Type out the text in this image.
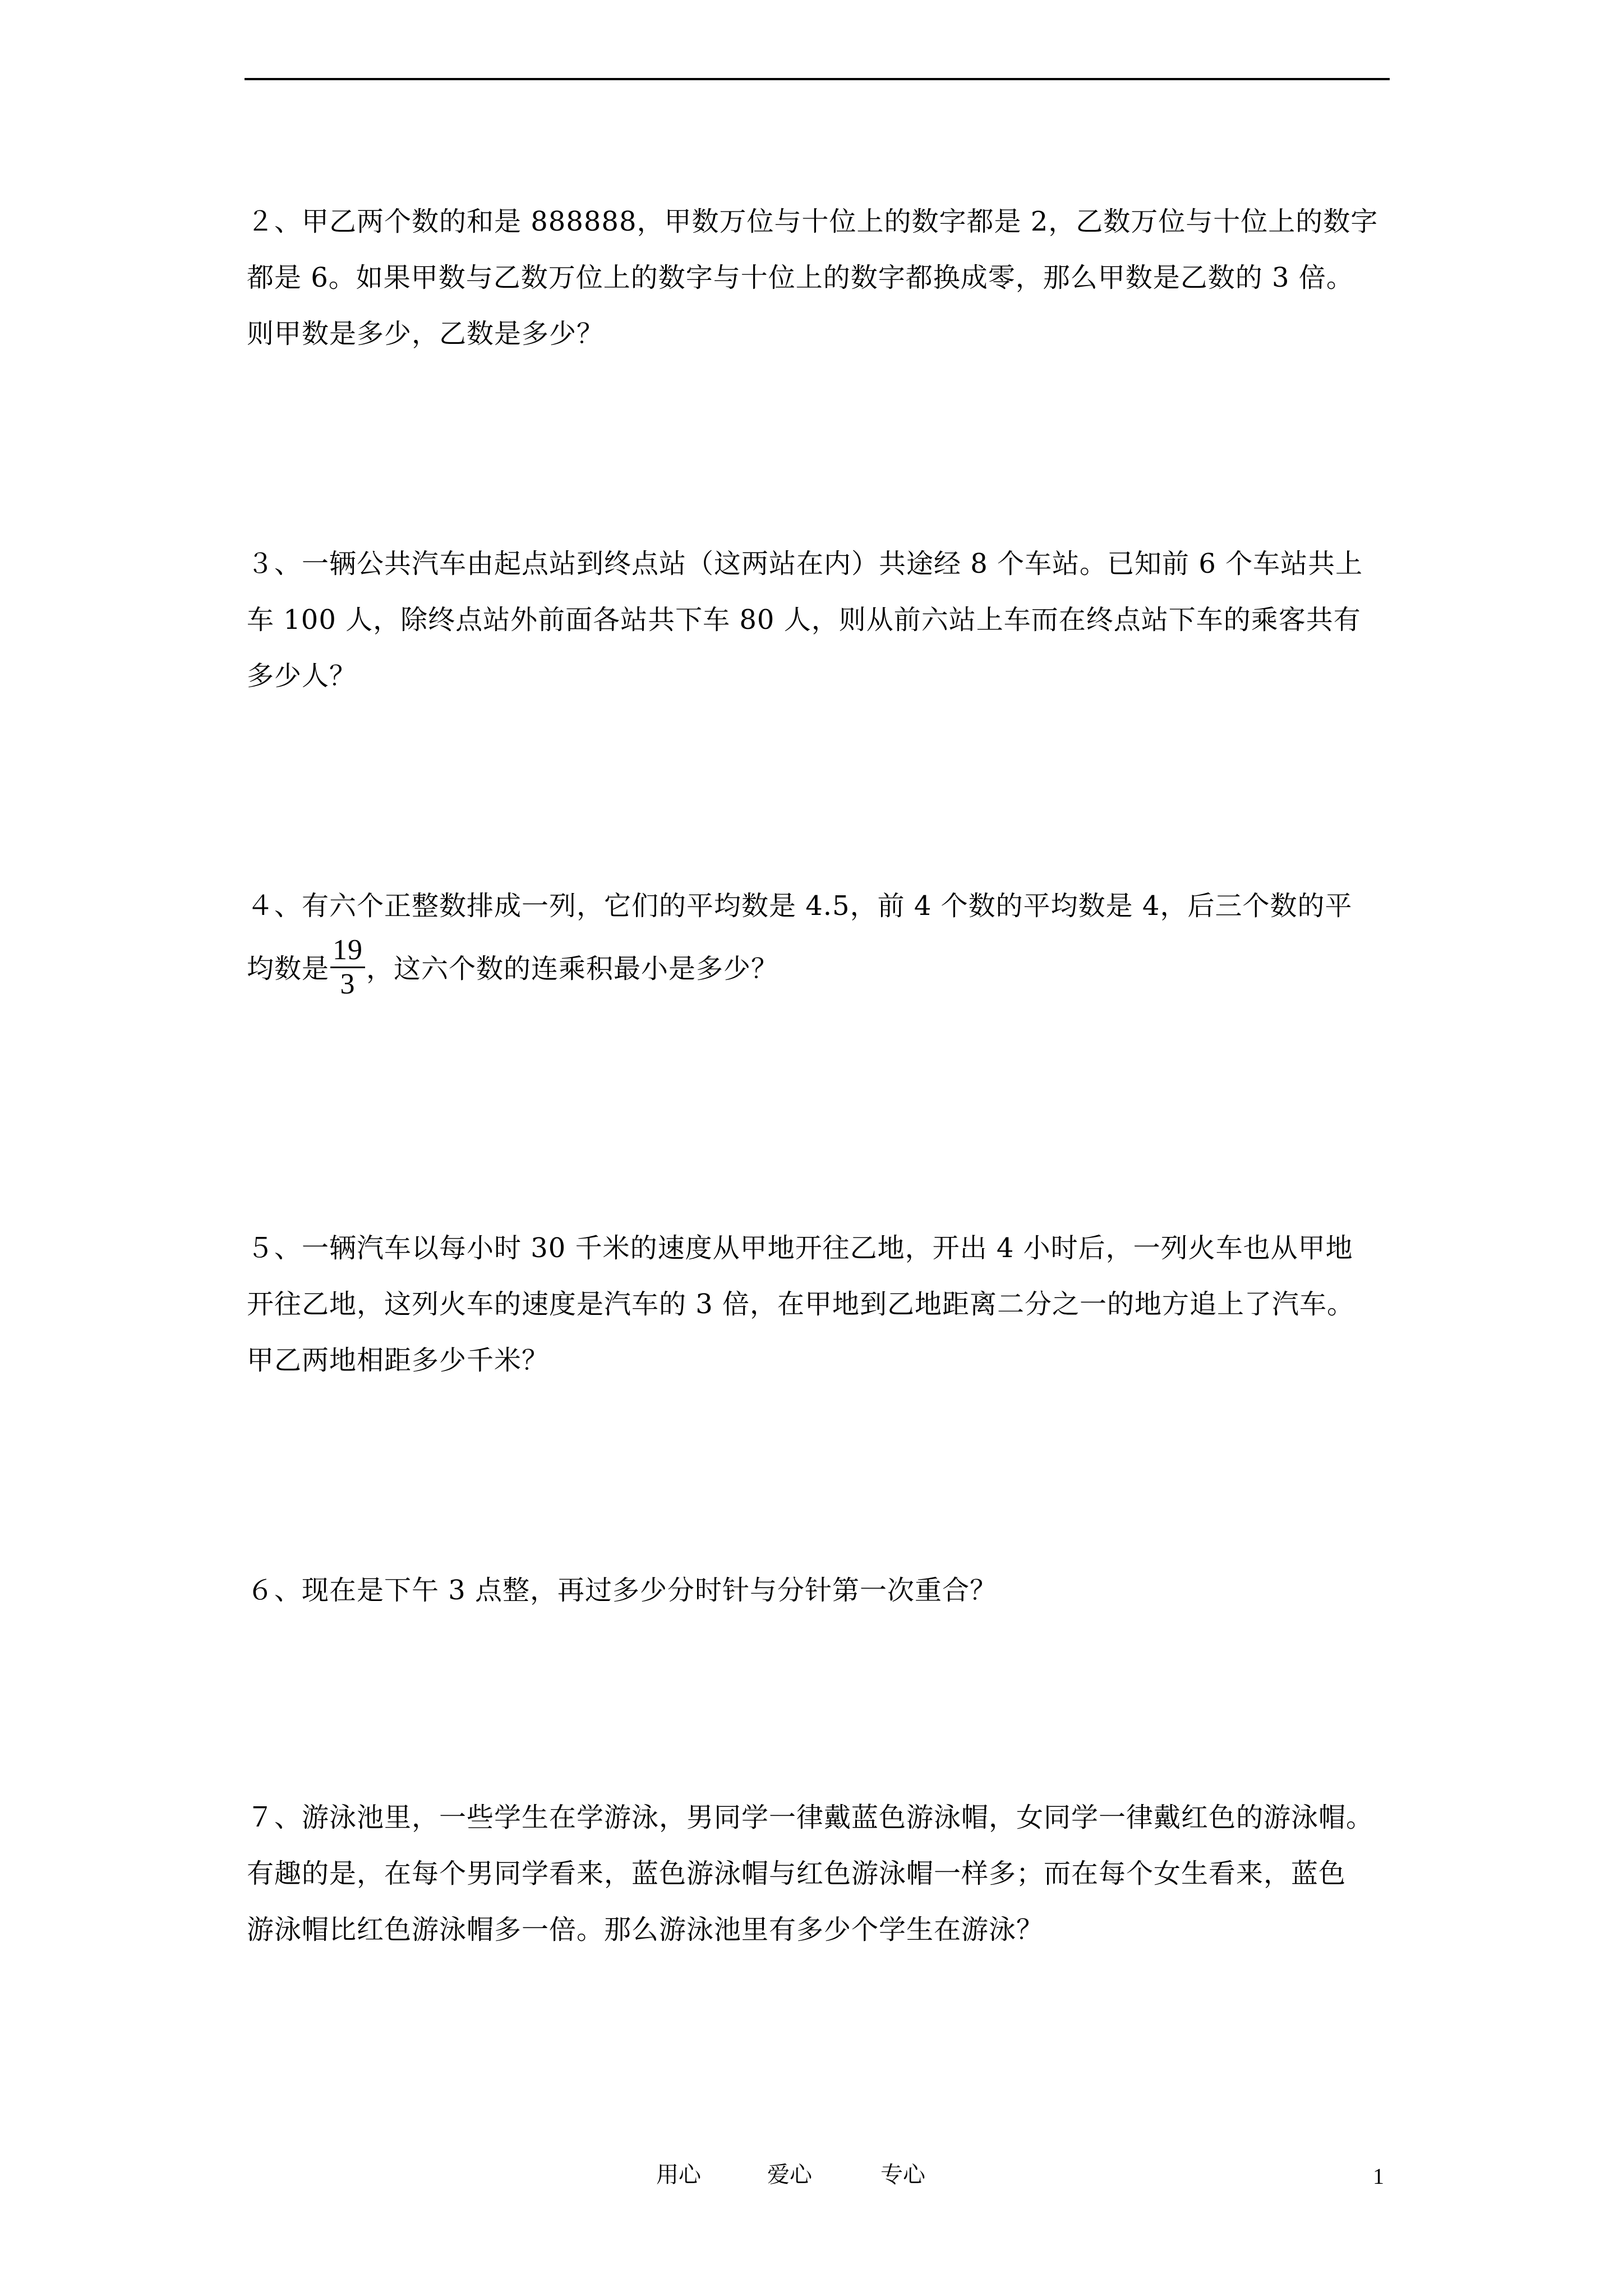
２、甲乙两个数的和是 888888，甲数万位与十位上的数字都是 2，乙数万位与十位上的数字
都是 6。如果甲数与乙数万位上的数字与十位上的数字都换成零，那么甲数是乙数的 3 倍。
则甲数是多少，乙数是多少？
３、一辆公共汽车由起点站到终点站（这两站在内）共途经 8 个车站。已知前 6 个车站共上
车 100 人，除终点站外前面各站共下车 80 人，则从前六站上车而在终点站下车的乘客共有
多少人？
４、有六个正整数排成一列，它们的平均数是 4.5，前 4 个数的平均数是 4，后三个数的平
均数是 $\frac{19}{3}$ ，这六个数的连乘积最小是多少？
５、一辆汽车以每小时 30 千米的速度从甲地开往乙地，开出 4 小时后，一列火车也从甲地
开往乙地，这列火车的速度是汽车的 3 倍，在甲地到乙地距离二分之一的地方追上了汽车。
甲乙两地相距多少千米？
６、现在是下午 3 点整，再过多少分时针与分针第一次重合？
７、游泳池里，一些学生在学游泳，男同学一律戴蓝色游泳帽，女同学一律戴红色的游泳帽。
有趣的是，在每个男同学看来，蓝色游泳帽与红色游泳帽一样多；而在每个女生看来，蓝色
游泳帽比红色游泳帽多一倍。那么游泳池里有多少个学生在游泳？
用心	爱心	专心	1
